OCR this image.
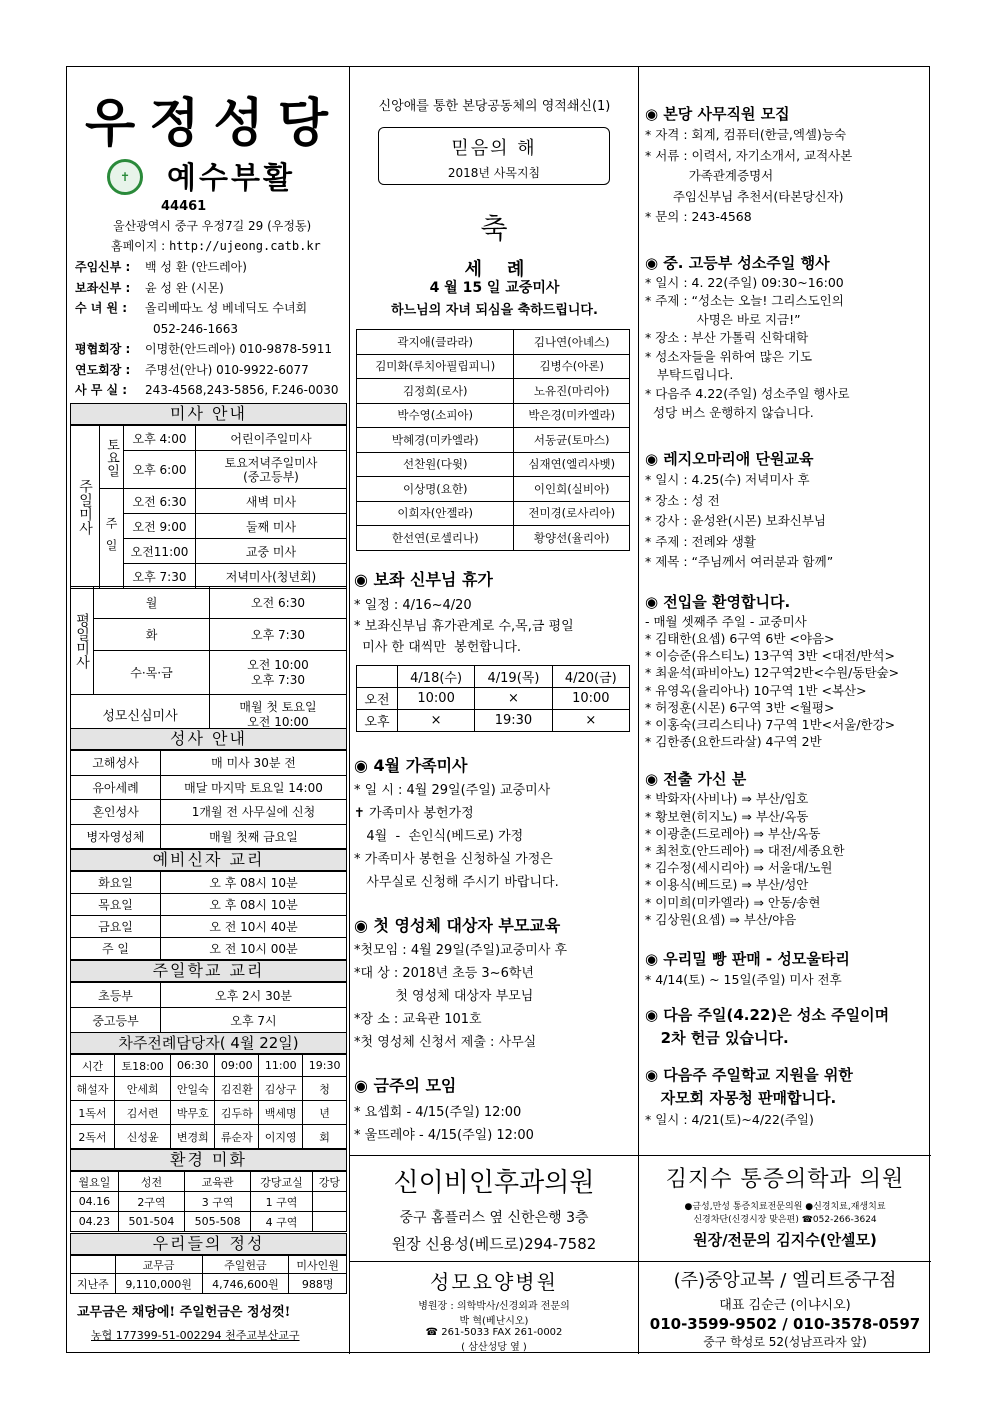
우정성당
✝	예수부활
44461
울산광역시 중구 우정7길 29 (우정동)
홈페이지 : http://ujeong.catb.kr
주임신부 : 백 성 환 (안드레아)
보좌신부 : 윤 성 완 (시몬)
수 녀 원 : 올리베따노 성 베네딕도 수녀회
052-246-1663
평협회장 : 이명한(안드레아) 010-9878-5911
연도회장 : 주명선(안나) 010-9922-6077
사 무 실 : 243-4568,243-5856, F.246-0030
미사 안내
주일미사	토요일	오후 4:00	어린이주일미사
		오후 6:00	토요저녁주일미사
(중고등부)

	주일	오전 6:30	새벽 미사
		오전 9:00	둘째 미사
		오전11:00	교중 미사
		오후 7:30	저녁미사(청년회)
평일미사	월	오전 6:30
	화	오후 7:30
	수·목·금	오전 10:00
오후 7:30
성모신심미사		매월 첫 토요일
오전 10:00
성사 안내
고해성사	매 미사 30분 전
유아세례	매달 마지막 토요일 14:00
혼인성사	1개월 전 사무실에 신청
병자영성체	매월 첫째 금요일
예비신자 교리
화요일	오 후 08시 10분
목요일	오 후 08시 10분
금요일	오 전 10시 40분
주 일	오 전 10시 00분
주일학교 교리
초등부	오후 2시 30분
중고등부	오후 7시
차주전례담당자( 4월 22일)
시간	토18:00	06:30	09:00	11:00	19:30
해설자	안세희	안일숙	김진환	김상구	청
1독서	김서련	박무호	김두하	백세명	년
2독서	신성윤	변경희	류순자	이지영	회
환경 미화
월요일	성전	교육관	강당교실	강당
04.16	2구역	3 구역	1 구역	
04.23	501-504	505-508	4 구역	
우리들의 정성
	교무금	주일헌금	미사인원
지난주	9,110,000원	4,746,600원	988명
교무금은 채당에! 주일헌금은 정성껏!
농협 177399-51-002294 천주교부산교구
신앙애를 통한 본당공동체의 영적쇄신(1)
믿음의 해
2018년 사목지침
축
세    례
4 월 15 일 교중미사
하느님의 자녀 되심을 축하드립니다.
곽지애(클라라)	김나연(아녜스)
김미화(루치아필립피니)	김병수(아론)
김정희(로사)	노유진(마리아)
박수영(소피아)	박은경(미카엘라)
박혜경(미카엘라)	서동균(토마스)
선찬원(다윗)	심재연(엘리사벳)
이상명(요한)	이인희(실비아)
이희자(안젤라)	전미경(로사리아)
한선연(로셀리나)	황양선(율리아)
◉ 보좌 신부님 휴가
* 일정 : 4/16~4/20
* 보좌신부님 휴가관계로 수,목,금 평일
미사 한 대씩만  봉헌합니다.
	4/18(수)	4/19(목)	4/20(금)
오전	10:00	×	10:00
오후	×	19:30	×
◉ 4월 가족미사
* 일 시 : 4월 29일(주일) 교중미사
✝ 가족미사 봉헌가정
4월  -  손인식(베드로) 가정
* 가족미사 봉헌을 신청하실 가정은
사무실로 신청해 주시기 바랍니다.
◉ 첫 영성체 대상자 부모교육
*첫모임 : 4월 29일(주일)교중미사 후
*대 상 : 2018년 초등 3~6학년
첫 영성체 대상자 부모님
*장 소 : 교육관 101호
*첫 영성체 신청서 제출 : 사무실
◉ 금주의 모임
* 요셉회 - 4/15(주일) 12:00
* 울뜨레야 - 4/15(주일) 12:00
신이비인후과의원
중구 홈플러스 옆 신한은행 3층
원장 신용성(베드로)294-7582
성모요양병원
병원장 : 의학박사/신경외과 전문의
박 혁(베난시오)
☎ 261-5033 FAX 261-0002
( 삼산성당 옆 )
◉ 본당 사무직원 모집
* 자격 : 회계, 컴퓨터(한글,엑셀)능숙
* 서류 : 이력서, 자기소개서, 교적사본
가족관계증명서
주임신부님 추천서(타본당신자)
* 문의 : 243-4568
◉ 중. 고등부 성소주일 행사
* 일시 : 4. 22(주일) 09:30~16:00
* 주제 : “성소는 오늘! 그리스도인의
사명은 바로 지금!”
* 장소 : 부산 가톨릭 신학대학
* 성소자들을 위하여 많은 기도
부탁드립니다.
* 다음주 4.22(주일) 성소주일 행사로
성당 버스 운행하지 않습니다.
◉ 레지오마리애 단원교육
* 일시 : 4.25(수) 저녁미사 후
* 장소 : 성 전
* 강사 : 윤성완(시몬) 보좌신부님
* 주제 : 전례와 생활
* 제목 : “주님께서 여러분과 함께”
◉ 전입을 환영합니다.
- 매월 셋째주 주일 - 교중미사
* 김태한(요셉) 6구역 6반 <야음>
* 이승준(유스티노) 13구역 3반 <대전/반석>
* 최윤석(파비아노) 12구역2반<수원/동탄숲>
* 유영옥(율리아나) 10구역 1반 <복산>
* 허정훈(시몬) 6구역 3반 <월평>
* 이홍숙(크리스티나) 7구역 1반<서울/한강>
* 김한종(요한드라살) 4구역 2반
◉ 전출 가신 분
* 박화자(사비나) ⇒ 부산/임호
* 황보현(히지노) ⇒ 부산/옥동
* 이광춘(드로레아) ⇒ 부산/옥동
* 최천호(안드레아) ⇒ 대전/세종요한
* 김수정(세시리아) ⇒ 서울대/노원
* 이용식(베드로) ⇒ 부산/성안
* 이미희(미카엘라) ⇒ 안동/송현
* 김상원(요셉) ⇒ 부산/야음
◉ 우리밀 빵 판매 - 성모울타리
* 4/14(토) ~ 15일(주일) 미사 전후
◉ 다음 주일(4.22)은 성소 주일이며
2차 헌금 있습니다.
◉ 다음주 주일학교 지원을 위한
자모회 자몽청 판매합니다.
* 일시 : 4/21(토)~4/22(주일)
김지수 통증의학과 의원
●금성,만성 통증치료전문의원 ●신경치료,재생치료
신경차단(신경시장 맞은편) ☎052-266-3624
원장/전문의 김지수(안셀모)
(주)중앙교복 / 엘리트중구점
대표 김순근 (이냐시오)
010-3599-9502 / 010-3578-0597
중구 학성로 52(성남프라자 앞)
